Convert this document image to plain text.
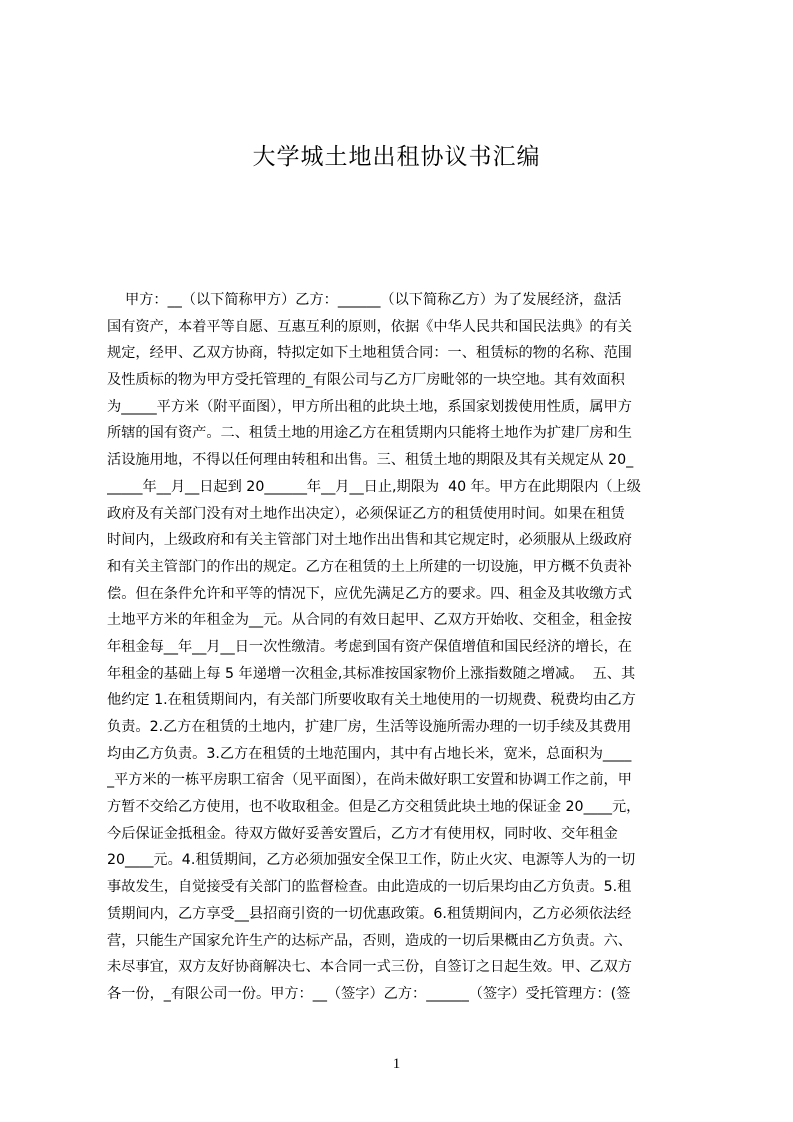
大学城土地出租协议书汇编
甲方：__（以下简称甲方）乙方：______（以下简称乙方）为了发展经济，盘活
国有资产，本着平等自愿、互惠互利的原则，依据《中华人民共和国民法典》的有关
规定，经甲、乙双方协商，特拟定如下土地租赁合同：一、租赁标的物的名称、范围
及性质标的物为甲方受托管理的_有限公司与乙方厂房毗邻的一块空地。其有效面积
为_____平方米（附平面图），甲方所出租的此块土地，系国家划拨使用性质，属甲方
所辖的国有资产。二、租赁土地的用途乙方在租赁期内只能将土地作为扩建厂房和生
活设施用地，不得以任何理由转租和出售。三、租赁土地的期限及其有关规定从 20_
_____年__月__日起到 20______年__月__日止,期限为  40 年。甲方在此期限内（上级
政府及有关部门没有对土地作出决定），必须保证乙方的租赁使用时间。如果在租赁
时间内，上级政府和有关主管部门对土地作出出售和其它规定时，必须服从上级政府
和有关主管部门的作出的规定。乙方在租赁的土上所建的一切设施，甲方概不负责补
偿。但在条件允许和平等的情况下，应优先满足乙方的要求。四、租金及其收缴方式
土地平方米的年租金为__元。从合同的有效日起甲、乙双方开始收、交租金，租金按
年租金每__年__月__日一次性缴清。考虑到国有资产保值增值和国民经济的增长，在
年租金的基础上每 5 年递增一次租金,其标准按国家物价上涨指数随之增减。  五、其
他约定 1.在租赁期间内，有关部门所要收取有关土地使用的一切规费、税费均由乙方
负责。2.乙方在租赁的土地内，扩建厂房，生活等设施所需办理的一切手续及其费用
均由乙方负责。3.乙方在租赁的土地范围内，其中有占地长米，宽米，总面积为____
_平方米的一栋平房职工宿舍（见平面图），在尚未做好职工安置和协调工作之前，甲
方暂不交给乙方使用，也不收取租金。但是乙方交租赁此块土地的保证金 20____元，
今后保证金抵租金。待双方做好妥善安置后，乙方才有使用权，同时收、交年租金
20____元。4.租赁期间，乙方必须加强安全保卫工作，防止火灾、电源等人为的一切
事故发生，自觉接受有关部门的监督检查。由此造成的一切后果均由乙方负责。5.租
赁期间内，乙方享受__县招商引资的一切优惠政策。6.租赁期间内，乙方必须依法经
营，只能生产国家允许生产的达标产品，否则，造成的一切后果概由乙方负责。六、
未尽事宜，双方友好协商解决七、本合同一式三份，自签订之日起生效。甲、乙双方
各一份，_有限公司一份。甲方：__（签字）乙方：______（签字）受托管理方：(签
1
